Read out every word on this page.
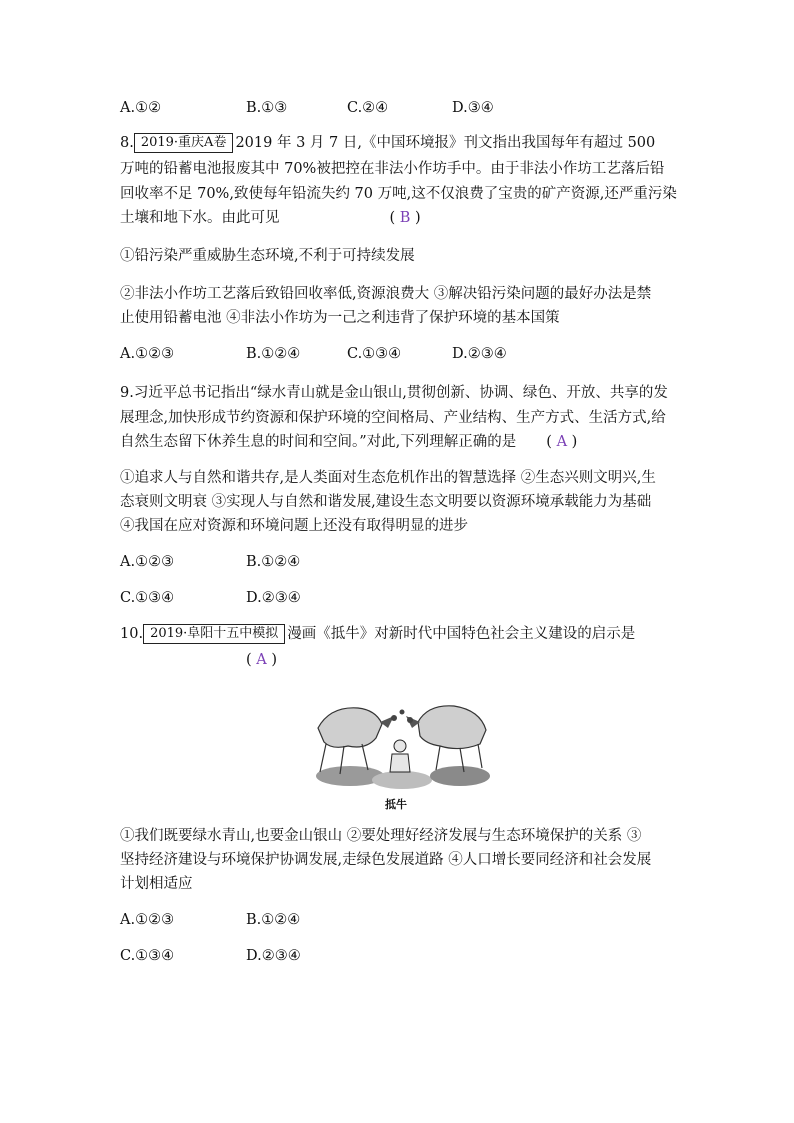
A.①②	B.①③	C.②④	D.③④
8. 2019·重庆A卷 2019 年 3 月 7 日,《中国环境报》刊文指出我国每年有超过 500
万吨的铅蓄电池报废其中 70%被把控在非法小作坊手中。由于非法小作坊工艺落后铅
回收率不足 70%,致使每年铅流失约 70 万吨,这不仅浪费了宝贵的矿产资源,还严重污染
土壤和地下水。由此可见	( B )
①铅污染严重威胁生态环境,不利于可持续发展
②非法小作坊工艺落后致铅回收率低,资源浪费大 ③解决铅污染问题的最好办法是禁
止使用铅蓄电池 ④非法小作坊为一己之利违背了保护环境的基本国策
A.①②③	B.①②④	C.①③④	D.②③④
9.习近平总书记指出“绿水青山就是金山银山,贯彻创新、协调、绿色、开放、共享的发
展理念,加快形成节约资源和保护环境的空间格局、产业结构、生产方式、生活方式,给
自然生态留下休养生息的时间和空间。”对此,下列理解正确的是 ( A )
①追求人与自然和谐共存,是人类面对生态危机作出的智慧选择 ②生态兴则文明兴,生
态衰则文明衰 ③实现人与自然和谐发展,建设生态文明要以资源环境承载能力为基础
④我国在应对资源和环境问题上还没有取得明显的进步
A.①②③	B.①②④
C.①③④	D.②③④
10. 2019·阜阳十五中模拟 漫画《抵牛》对新时代中国特色社会主义建设的启示是
( A )
抵牛
①我们既要绿水青山,也要金山银山 ②要处理好经济发展与生态环境保护的关系 ③
坚持经济建设与环境保护协调发展,走绿色发展道路 ④人口增长要同经济和社会发展
计划相适应
A.①②③	B.①②④
C.①③④	D.②③④
